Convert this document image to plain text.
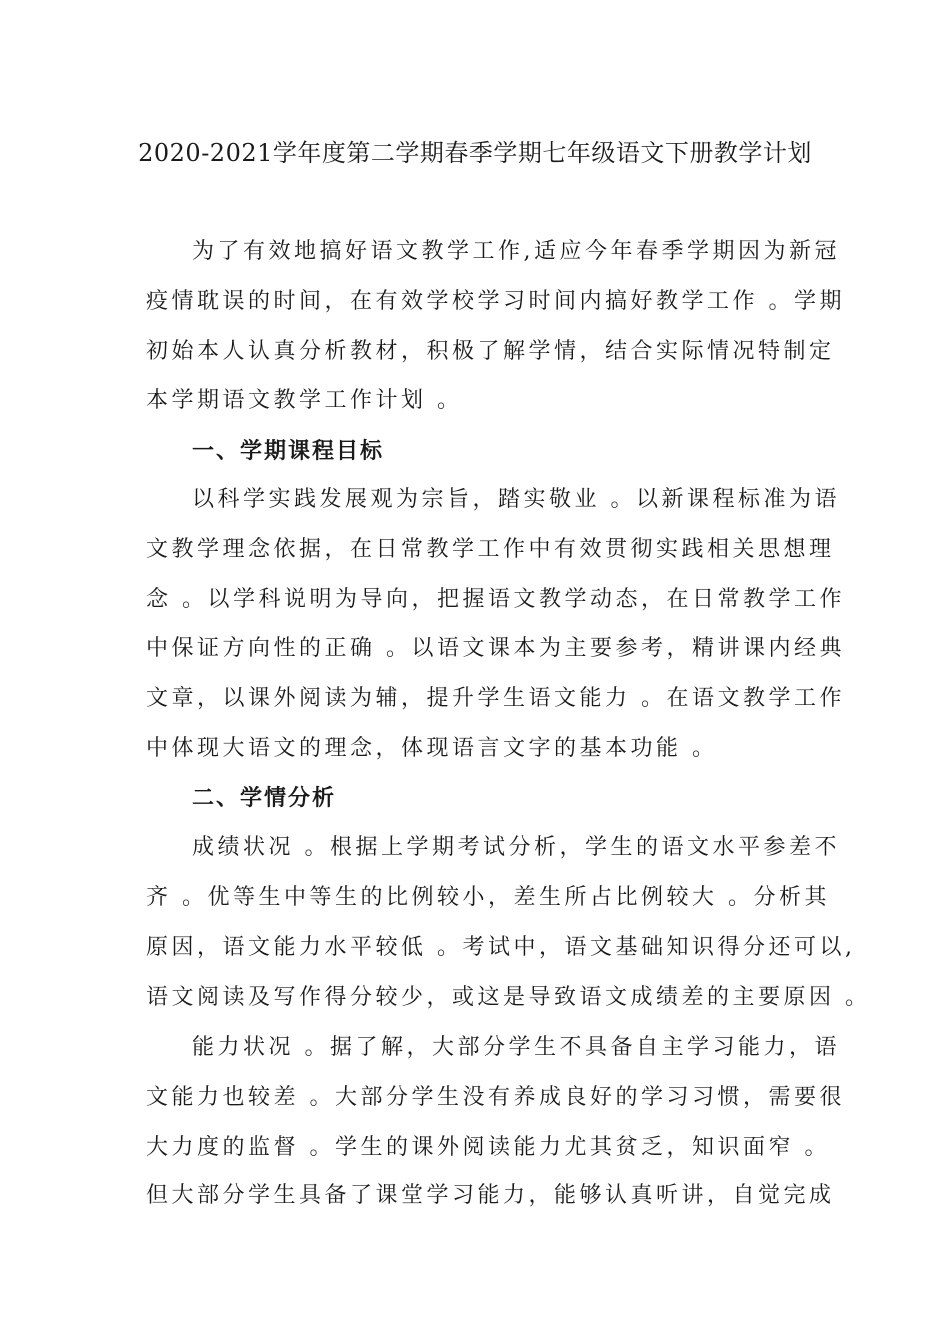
2020-2021学年度第二学期春季学期七年级语文下册教学计划
为了有效地搞好语文教学工作,适应今年春季学期因为新冠
疫情耽误的时间，在有效学校学习时间内搞好教学工作 。学期
初始本人认真分析教材，积极了解学情，结合实际情况特制定
本学期语文教学工作计划 。
一、学期课程目标
以科学实践发展观为宗旨，踏实敬业 。以新课程标准为语
文教学理念依据，在日常教学工作中有效贯彻实践相关思想理
念 。以学科说明为导向，把握语文教学动态，在日常教学工作
中保证方向性的正确 。以语文课本为主要参考，精讲课内经典
文章，以课外阅读为辅，提升学生语文能力 。在语文教学工作
中体现大语文的理念，体现语言文字的基本功能 。
二、学情分析
成绩状况 。根据上学期考试分析，学生的语文水平参差不
齐 。优等生中等生的比例较小，差生所占比例较大 。分析其
原因，语文能力水平较低 。考试中，语文基础知识得分还可以,
语文阅读及写作得分较少，或这是导致语文成绩差的主要原因 。
能力状况 。据了解，大部分学生不具备自主学习能力，语
文能力也较差 。大部分学生没有养成良好的学习习惯，需要很
大力度的监督 。学生的课外阅读能力尤其贫乏，知识面窄 。
但大部分学生具备了课堂学习能力，能够认真听讲，自觉完成
